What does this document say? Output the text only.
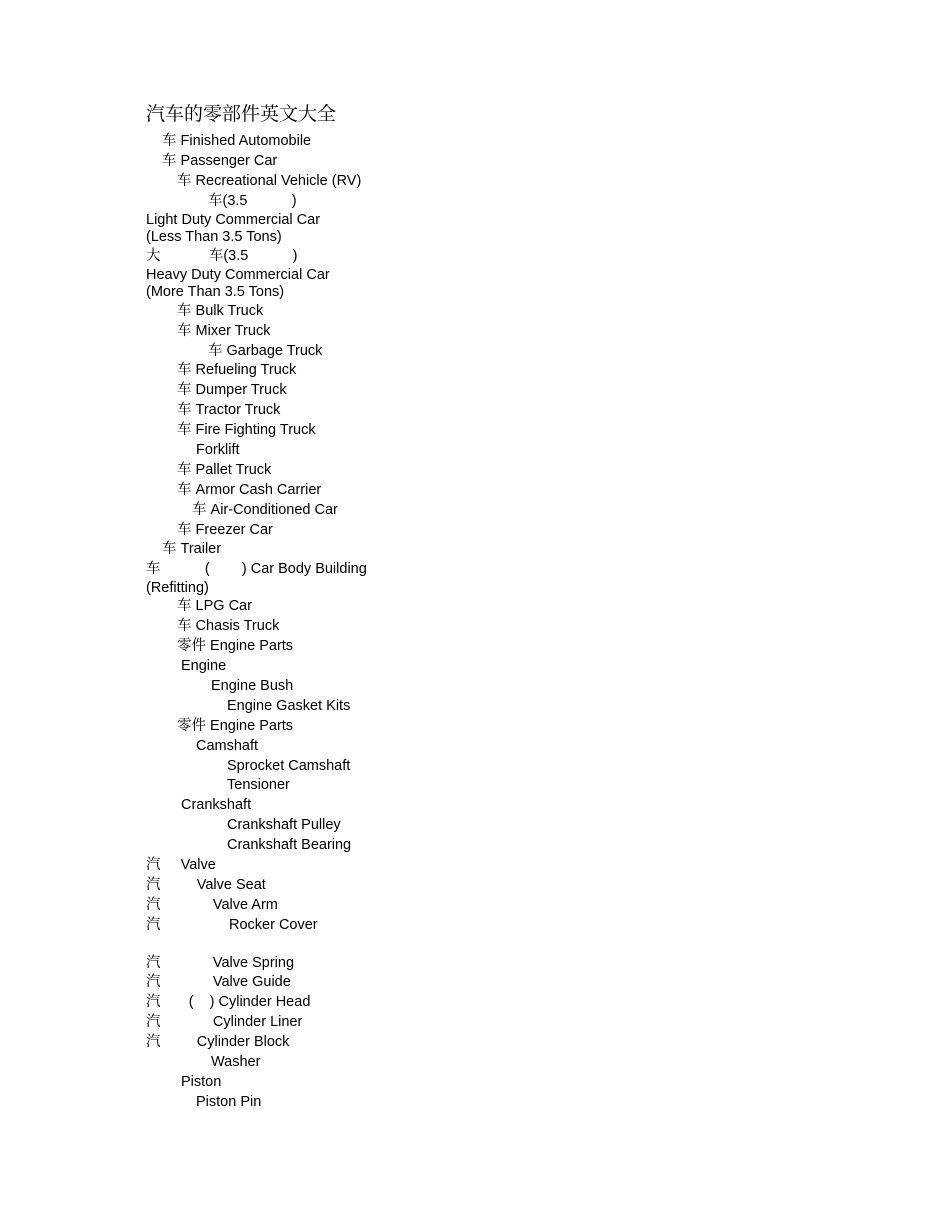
汽车的零部件英文大全
车 Finished Automobile
车 Passenger Car
车 Recreational Vehicle (RV)
车(3.5           )
Light Duty Commercial Car
(Less Than 3.5 Tons)
大            车(3.5           )
Heavy Duty Commercial Car
(More Than 3.5 Tons)
车 Bulk Truck
车 Mixer Truck
车 Garbage Truck
车 Refueling Truck
车 Dumper Truck
车 Tractor Truck
车 Fire Fighting Truck
Forklift
车 Pallet Truck
车 Armor Cash Carrier
车 Air-Conditioned Car
车 Freezer Car
车 Trailer
车           (        ) Car Body Building
(Refitting)
车 LPG Car
车 Chasis Truck
零件 Engine Parts
Engine
Engine Bush
Engine Gasket Kits
零件 Engine Parts
Camshaft
Sprocket Camshaft
Tensioner
Crankshaft
Crankshaft Pulley
Crankshaft Bearing
汽     Valve
汽         Valve Seat
汽             Valve Arm
汽                 Rocker Cover
汽             Valve Spring
汽             Valve Guide
汽       (    ) Cylinder Head
汽             Cylinder Liner
汽         Cylinder Block
Washer
Piston
Piston Pin
